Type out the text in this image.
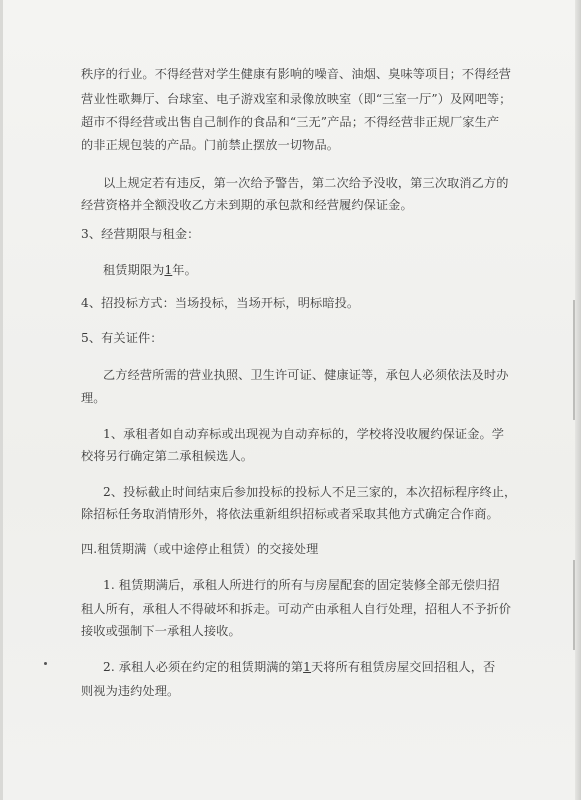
秩序的行业。不得经营对学生健康有影响的噪音、油烟、臭味等项目；不得经营
营业性歌舞厅、台球室、电子游戏室和录像放映室（即“三室一厅”）及网吧等；
超市不得经营或出售自己制作的食品和“三无”产品；不得经营非正规厂家生产
的非正规包装的产品。门前禁止摆放一切物品。
以上规定若有违反，第一次给予警告，第二次给予没收，第三次取消乙方的
经营资格并全额没收乙方未到期的承包款和经营履约保证金。
3、经营期限与租金：
租赁期限为1年。
4、招投标方式：当场投标，当场开标，明标暗投。
5、有关证件：
乙方经营所需的营业执照、卫生许可证、健康证等，承包人必须依法及时办
理。
1、承租者如自动弃标或出现视为自动弃标的，学校将没收履约保证金。学
校将另行确定第二承租候选人。
2、投标截止时间结束后参加投标的投标人不足三家的，本次招标程序终止，
除招标任务取消情形外，将依法重新组织招标或者采取其他方式确定合作商。
四.租赁期满（或中途停止租赁）的交接处理
1. 租赁期满后，承租人所进行的所有与房屋配套的固定装修全部无偿归招
租人所有，承租人不得破坏和拆走。可动产由承租人自行处理，招租人不予折价
接收或强制下一承租人接收。
2. 承租人必须在约定的租赁期满的第1天将所有租赁房屋交回招租人，否
则视为违约处理。
